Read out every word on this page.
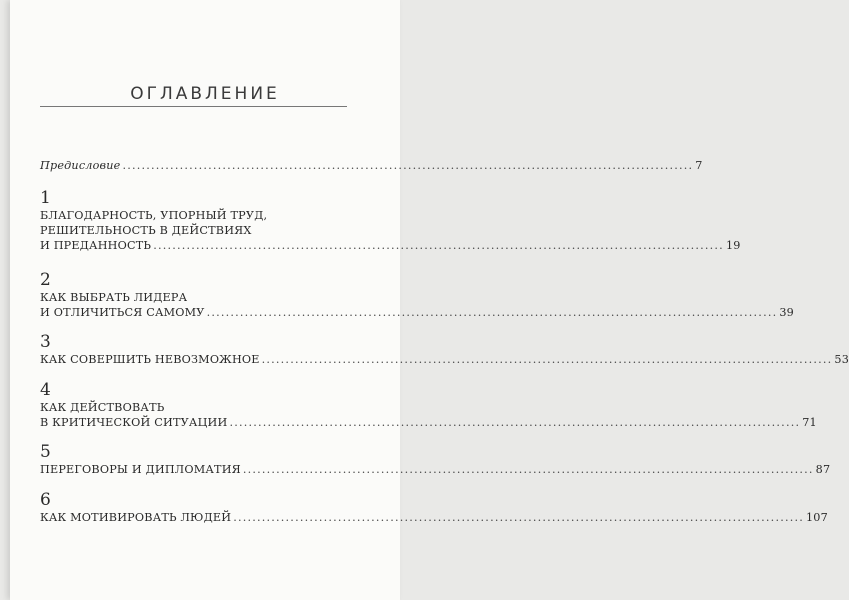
ОГЛАВЛЕНИЕ
Предисловие ........................................................................................................................ 7
1
БЛАГОДАРНОСТЬ, УПОРНЫЙ ТРУД,
РЕШИТЕЛЬНОСТЬ В ДЕЙСТВИЯХ
И ПРЕДАННОСТЬ ........................................................................................................................ 19
2
КАК ВЫБРАТЬ ЛИДЕРА
И ОТЛИЧИТЬСЯ САМОМУ ........................................................................................................................ 39
3
КАК СОВЕРШИТЬ НЕВОЗМОЖНОЕ ........................................................................................................................ 53
4
КАК ДЕЙСТВОВАТЬ
В КРИТИЧЕСКОЙ СИТУАЦИИ ........................................................................................................................ 71
5
ПЕРЕГОВОРЫ И ДИПЛОМАТИЯ ........................................................................................................................ 87
6
КАК МОТИВИРОВАТЬ ЛЮДЕЙ ........................................................................................................................ 107
